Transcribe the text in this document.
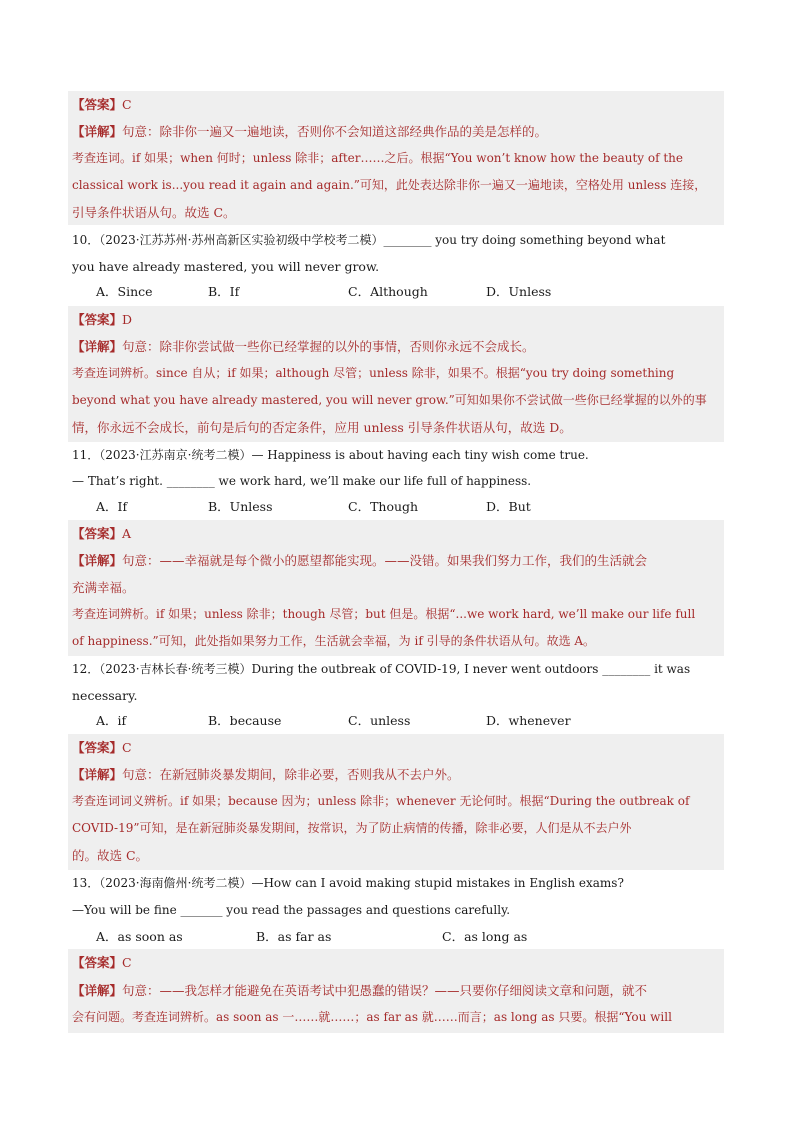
【答案】C
【详解】句意：除非你一遍又一遍地读，否则你不会知道这部经典作品的美是怎样的。
考查连词。if 如果；when 何时；unless 除非；after……之后。根据“You won’t know how the beauty of the
classical work is...you read it again and again.”可知，此处表达除非你一遍又一遍地读，空格处用 unless 连接，
引导条件状语从句。故选 C。
10．（2023·江苏苏州·苏州高新区实验初级中学校考二模）________ you try doing something beyond what
you have already mastered, you will never grow.
A．Since	B．If	C．Although	D．Unless
【答案】D
【详解】句意：除非你尝试做一些你已经掌握的以外的事情，否则你永远不会成长。
考查连词辨析。since 自从；if 如果；although 尽管；unless 除非，如果不。根据“you try doing something
beyond what you have already mastered, you will never grow.”可知如果你不尝试做一些你已经掌握的以外的事
情，你永远不会成长，前句是后句的否定条件，应用 unless 引导条件状语从句，故选 D。
11．（2023·江苏南京·统考二模）— Happiness is about having each tiny wish come true.
— That’s right. ________ we work hard, we’ll make our life full of happiness.
A．If	B．Unless	C．Though	D．But
【答案】A
【详解】句意：——幸福就是每个微小的愿望都能实现。——没错。如果我们努力工作，我们的生活就会
充满幸福。
考查连词辨析。if 如果；unless 除非；though 尽管；but 但是。根据“...we work hard, we’ll make our life full
of happiness.”可知，此处指如果努力工作，生活就会幸福，为 if 引导的条件状语从句。故选 A。
12．（2023·吉林长春·统考三模）During the outbreak of COVID-19, I never went outdoors ________ it was
necessary.
A．if	B．because	C．unless	D．whenever
【答案】C
【详解】句意：在新冠肺炎暴发期间，除非必要，否则我从不去户外。
考查连词词义辨析。if 如果；because 因为；unless 除非；whenever 无论何时。根据“During the outbreak of
COVID-19”可知，是在新冠肺炎暴发期间，按常识，为了防止病情的传播，除非必要，人们是从不去户外
的。故选 C。
13．（2023·海南儋州·统考二模）—How can I avoid making stupid mistakes in English exams?
—You will be fine _______ you read the passages and questions carefully.
A．as soon as	B．as far as	C．as long as
【答案】C
【详解】句意：——我怎样才能避免在英语考试中犯愚蠢的错误？——只要你仔细阅读文章和问题，就不
会有问题。考查连词辨析。as soon as 一……就……；as far as 就……而言；as long as 只要。根据“You will
